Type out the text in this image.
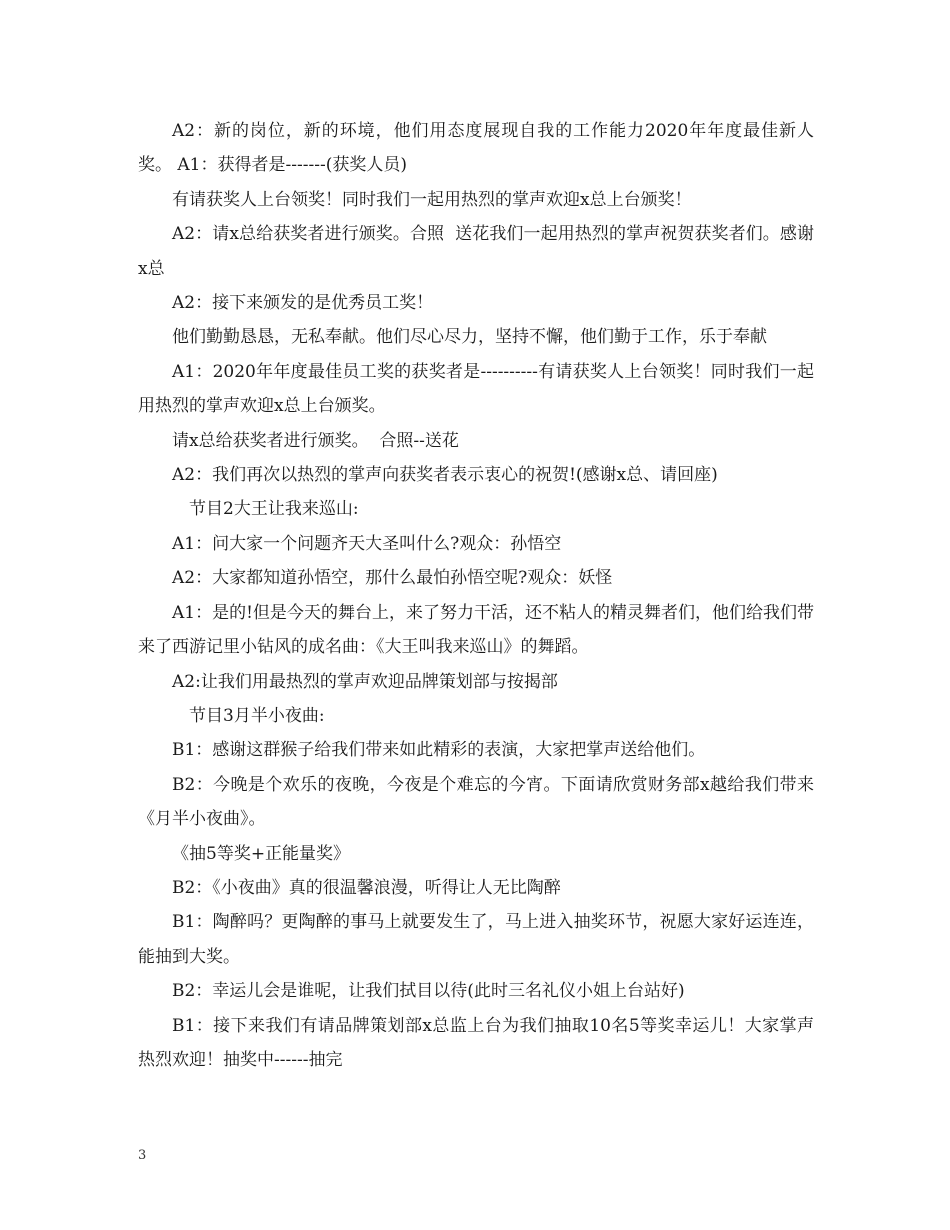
A2：新的岗位，新的环境，他们用态度展现自我的工作能力2020年年度最佳新人奖。 A1：获得者是-------(获奖人员)

有请获奖人上台领奖！同时我们一起用热烈的掌声欢迎x总上台颁奖！

A2：请x总给获奖者进行颁奖。合照  送花我们一起用热烈的掌声祝贺获奖者们。感谢x总

A2：接下来颁发的是优秀员工奖！

他们勤勤恳恳，无私奉献。他们尽心尽力，坚持不懈，他们勤于工作，乐于奉献

A1：2020年年度最佳员工奖的获奖者是----------有请获奖人上台领奖！同时我们一起用热烈的掌声欢迎x总上台颁奖。

请x总给获奖者进行颁奖。  合照--送花

A2：我们再次以热烈的掌声向获奖者表示衷心的祝贺!(感谢x总、请回座)

节目2大王让我来巡山:

A1：问大家一个问题齐天大圣叫什么?观众：孙悟空

A2：大家都知道孙悟空，那什么最怕孙悟空呢?观众：妖怪

A1：是的!但是今天的舞台上，来了努力干活，还不粘人的精灵舞者们，他们给我们带来了西游记里小钻风的成名曲：《大王叫我来巡山》的舞蹈。

A2:让我们用最热烈的掌声欢迎品牌策划部与按揭部

节目3月半小夜曲:

B1：感谢这群猴子给我们带来如此精彩的表演，大家把掌声送给他们。

B2：今晚是个欢乐的夜晚，今夜是个难忘的今宵。下面请欣赏财务部x越给我们带来《月半小夜曲》。

《抽5等奖+正能量奖》

B2：《小夜曲》真的很温馨浪漫，听得让人无比陶醉

B1：陶醉吗？更陶醉的事马上就要发生了，马上进入抽奖环节，祝愿大家好运连连，能抽到大奖。

B2：幸运儿会是谁呢，让我们拭目以待(此时三名礼仪小姐上台站好)

B1：接下来我们有请品牌策划部x总监上台为我们抽取10名5等奖幸运儿！大家掌声热烈欢迎！抽奖中------抽完

3
